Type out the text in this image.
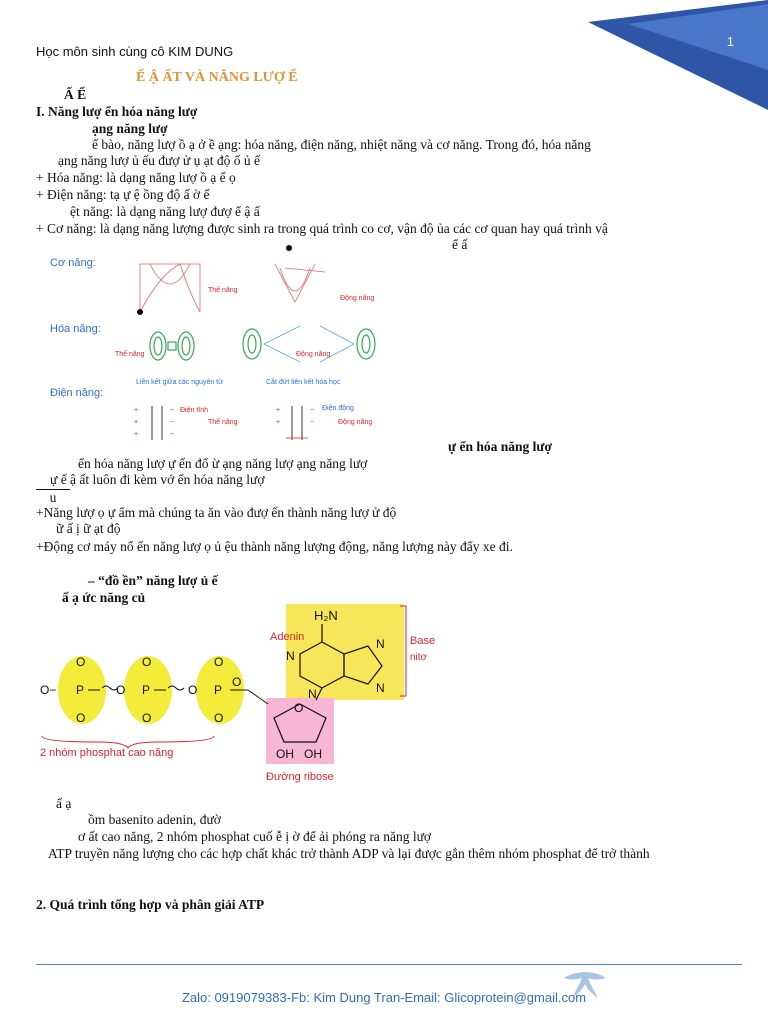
1
Học môn sinh cùng cô KIM DUNG
Ế Ậ ẤT VÀ NĂNG LƯỢ Ế
Ấ Ế
I. Năng lượ ển hóa năng lượ
ạng năng lượ
ế bào, năng lượ ồ ạ ở ề ạng: hóa năng, điện năng, nhiệt năng và cơ năng. Trong đó, hóa năng
ạng năng lượ ủ ếu đượ ử ụ ạt độ ố ủ ế
+ Hóa năng: là dạng năng lượ ồ ạ ế ọ
+ Điện năng: tạ ự ệ ồng độ ấ ờ ế
ệt năng: là dạng năng lượ đượ ể ậ ấ
+ Cơ năng: là dạng năng lượng được sinh ra trong quá trình co cơ, vận độ ủa các cơ quan hay quá trình vậ
ể ấ
Cơ năng:
Hóa năng:
Điện năng:
Thế năng
Động năng
Thế năng	Động năng
Liên kết giữa các nguyên tử	Cắt đứt liên kết hóa học
+
+
+
−
−
−
Điện tĩnh
Thế năng
+
+
−
−
Điện động
Động năng
ự ển hóa năng lượ
ển hóa năng lượ ự ến đổ ừ ạng năng lượ ạng năng lượ
ự ế ậ ất luôn đi kèm vớ ển hóa năng lượ
u
+Năng lượ ọ ự ẩm mà chúng ta ăn vào đượ ến thành năng lượ ử độ
ữ ấ ị ữ ạt độ
+Động cơ máy nổ ến năng lượ ọ ủ ệu thành năng lượng động, năng lượng này đẩy xe đi.
– “đồ ền” năng lượ ủ ế
ấ ạ ức năng củ
O− P
O
O
O P
O
O
O P
O
O
O
H₂N
N
N
N
N
O
OH OH
Adenin	Base
nitơ
2 nhóm phosphat cao năng
Đường ribose
ấ ạ
ồm basenito adenin, đườ
ơ ất cao năng, 2 nhóm phosphat cuố ễ ị ờ để ải phóng ra năng lượ
ATP truyền năng lượng cho các hợp chất khác trở thành ADP và lại được gắn thêm nhóm phosphat để trở thành
2. Quá trình tổng hợp và phân giải ATP
Zalo: 0919079383-Fb: Kim Dung Tran-Email: Glicoprotein@gmail.com
